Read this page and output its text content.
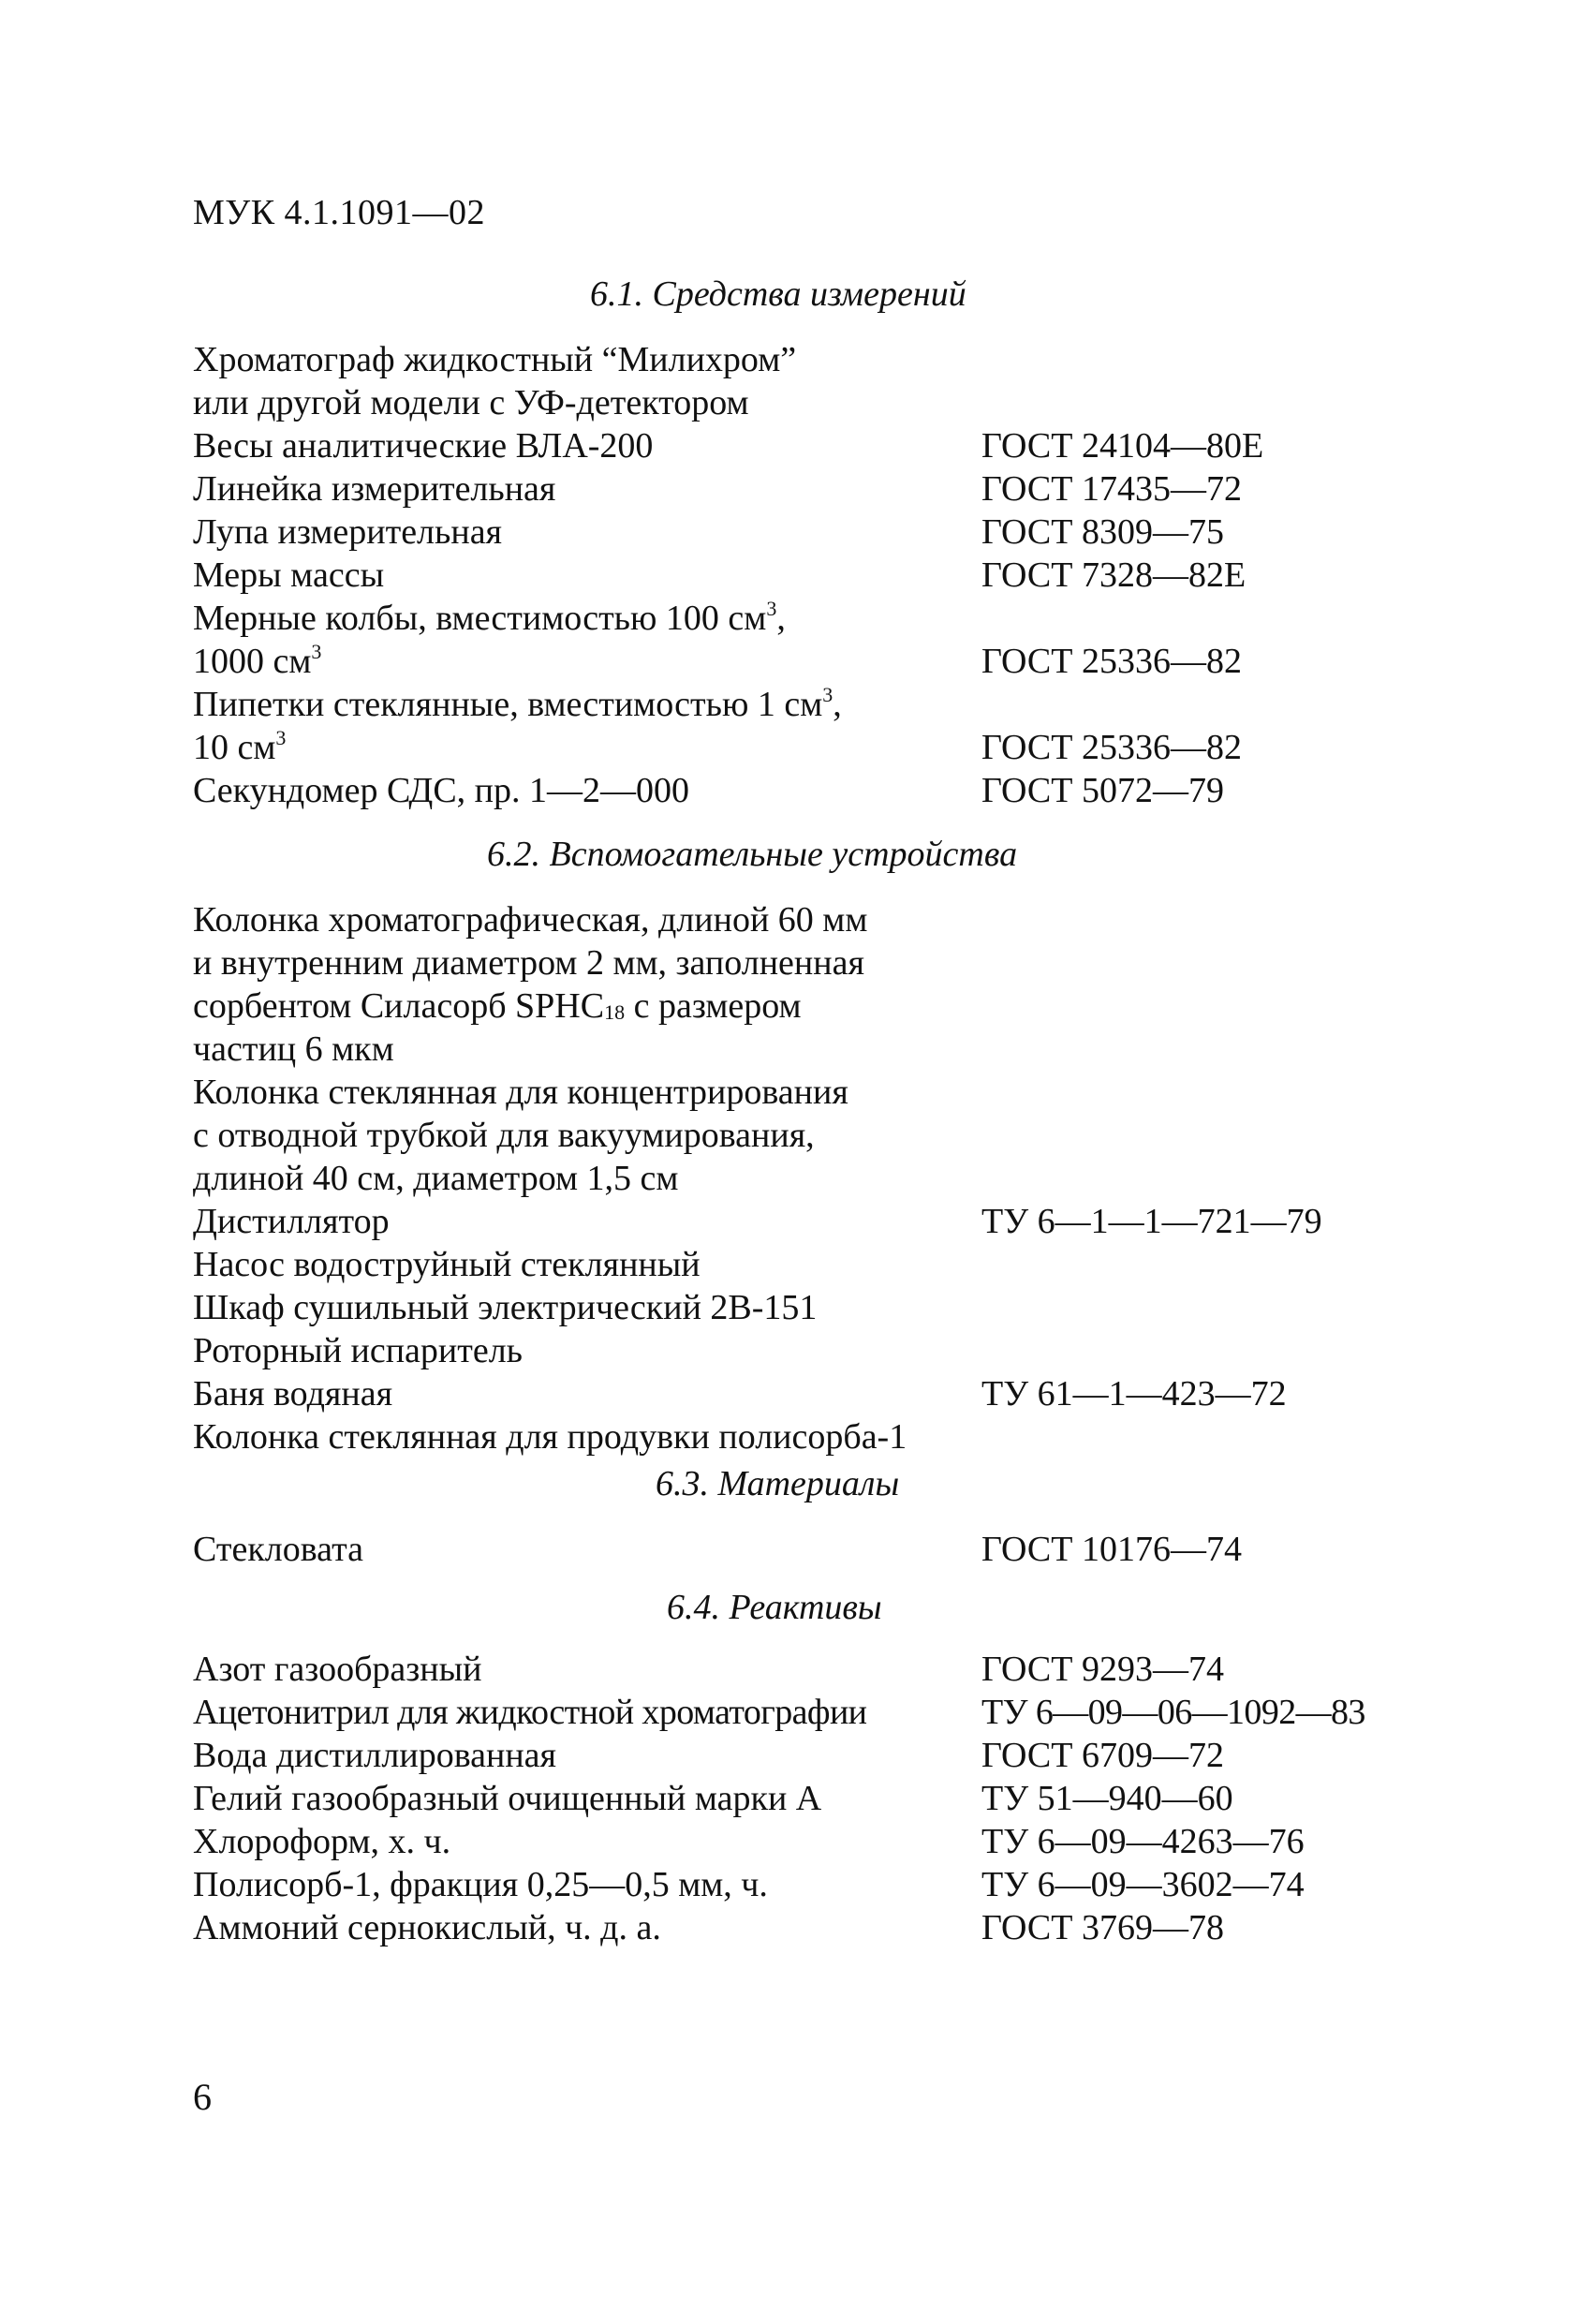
МУК 4.1.1091—02
6.1. Средства измерений
Хроматограф жидкостный “Милихром”
или другой модели с УФ-детектором
Весы аналитические ВЛА-200	ГОСТ 24104—80Е
Линейка измерительная	ГОСТ 17435—72
Лупа измерительная	ГОСТ 8309—75
Меры массы	ГОСТ 7328—82Е
Мерные колбы, вместимостью 100 $см^3$,
1000 $см^3$	ГОСТ 25336—82
Пипетки стеклянные, вместимостью 1 $см^3$,
10 $см^3$	ГОСТ 25336—82
Секундомер СДС, пр. 1—2—000	ГОСТ 5072—79
6.2. Вспомогательные устройства
Колонка хроматографическая, длиной 60 мм
и внутренним диаметром 2 мм, заполненная
сорбентом Силасорб $SPHC_{18}$ с размером
частиц 6 мкм
Колонка стеклянная для концентрирования
с отводной трубкой для вакуумирования,
длиной 40 см, диаметром 1,5 см
Дистиллятор	ТУ 6—1—1—721—79
Насос водоструйный стеклянный
Шкаф сушильный электрический 2В-151
Роторный испаритель
Баня водяная	ТУ 61—1—423—72
Колонка стеклянная для продувки полисорба-1
6.3. Материалы
Стекловата	ГОСТ 10176—74
6.4. Реактивы
Азот газообразный	ГОСТ 9293—74
Ацетонитрил для жидкостной хроматографии	ТУ 6—09—06—1092—83
Вода дистиллированная	ГОСТ 6709—72
Гелий газообразный очищенный марки А	ТУ 51—940—60
Хлороформ, х. ч.	ТУ 6—09—4263—76
Полисорб-1, фракция 0,25—0,5 мм, ч.	ТУ 6—09—3602—74
Аммоний сернокислый, ч. д. а.	ГОСТ 3769—78
6
